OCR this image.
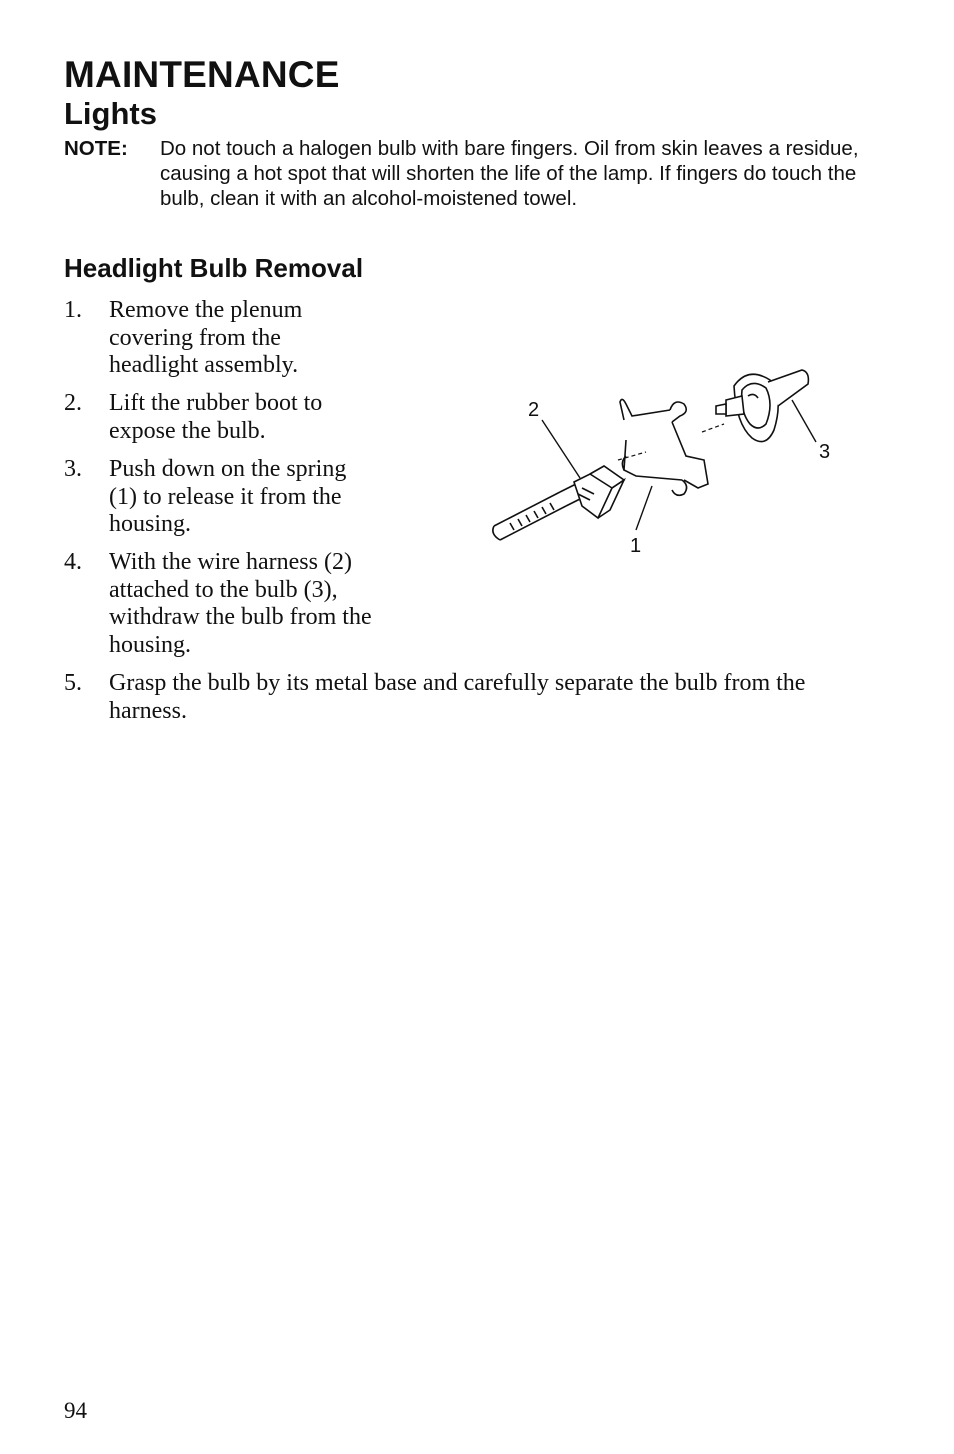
MAINTENANCE
Lights
NOTE: Do not touch a halogen bulb with bare fingers. Oil from skin leaves a residue, causing a hot spot that will shorten the life of the lamp. If fingers do touch the bulb, clean it with an alcohol-moistened towel.
Headlight Bulb Removal
1. Remove the plenum covering from the headlight assembly.
2. Lift the rubber boot to expose the bulb.
3. Push down on the spring (1) to release it from the housing.
4. With the wire harness (2) attached to the bulb (3), withdraw the bulb from the housing.
5. Grasp the bulb by its metal base and carefully separate the bulb from the harness.
2
1
3
94
